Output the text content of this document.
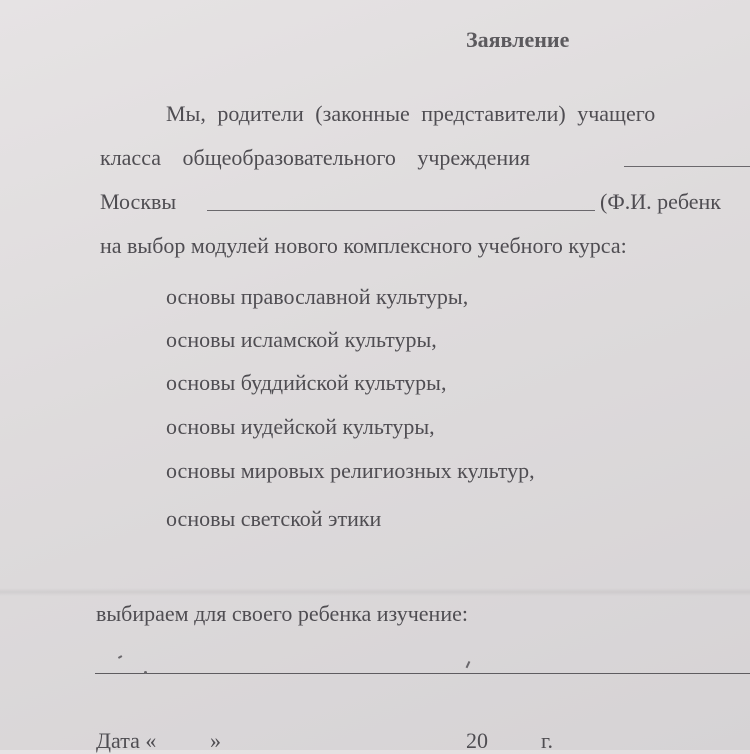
Заявление
Мы, родители (законные представители) учащего
класса общеобразовательного учреждения
Москвы	(Ф.И. ребенк
на выбор модулей нового комплексного учебного курса:
основы православной культуры,
основы исламской культуры,
основы буддийской культуры,
основы иудейской культуры,
основы мировых религиозных культур,
основы светской этики
выбираем для своего ребенка изучение:
Дата « »	20 г.
